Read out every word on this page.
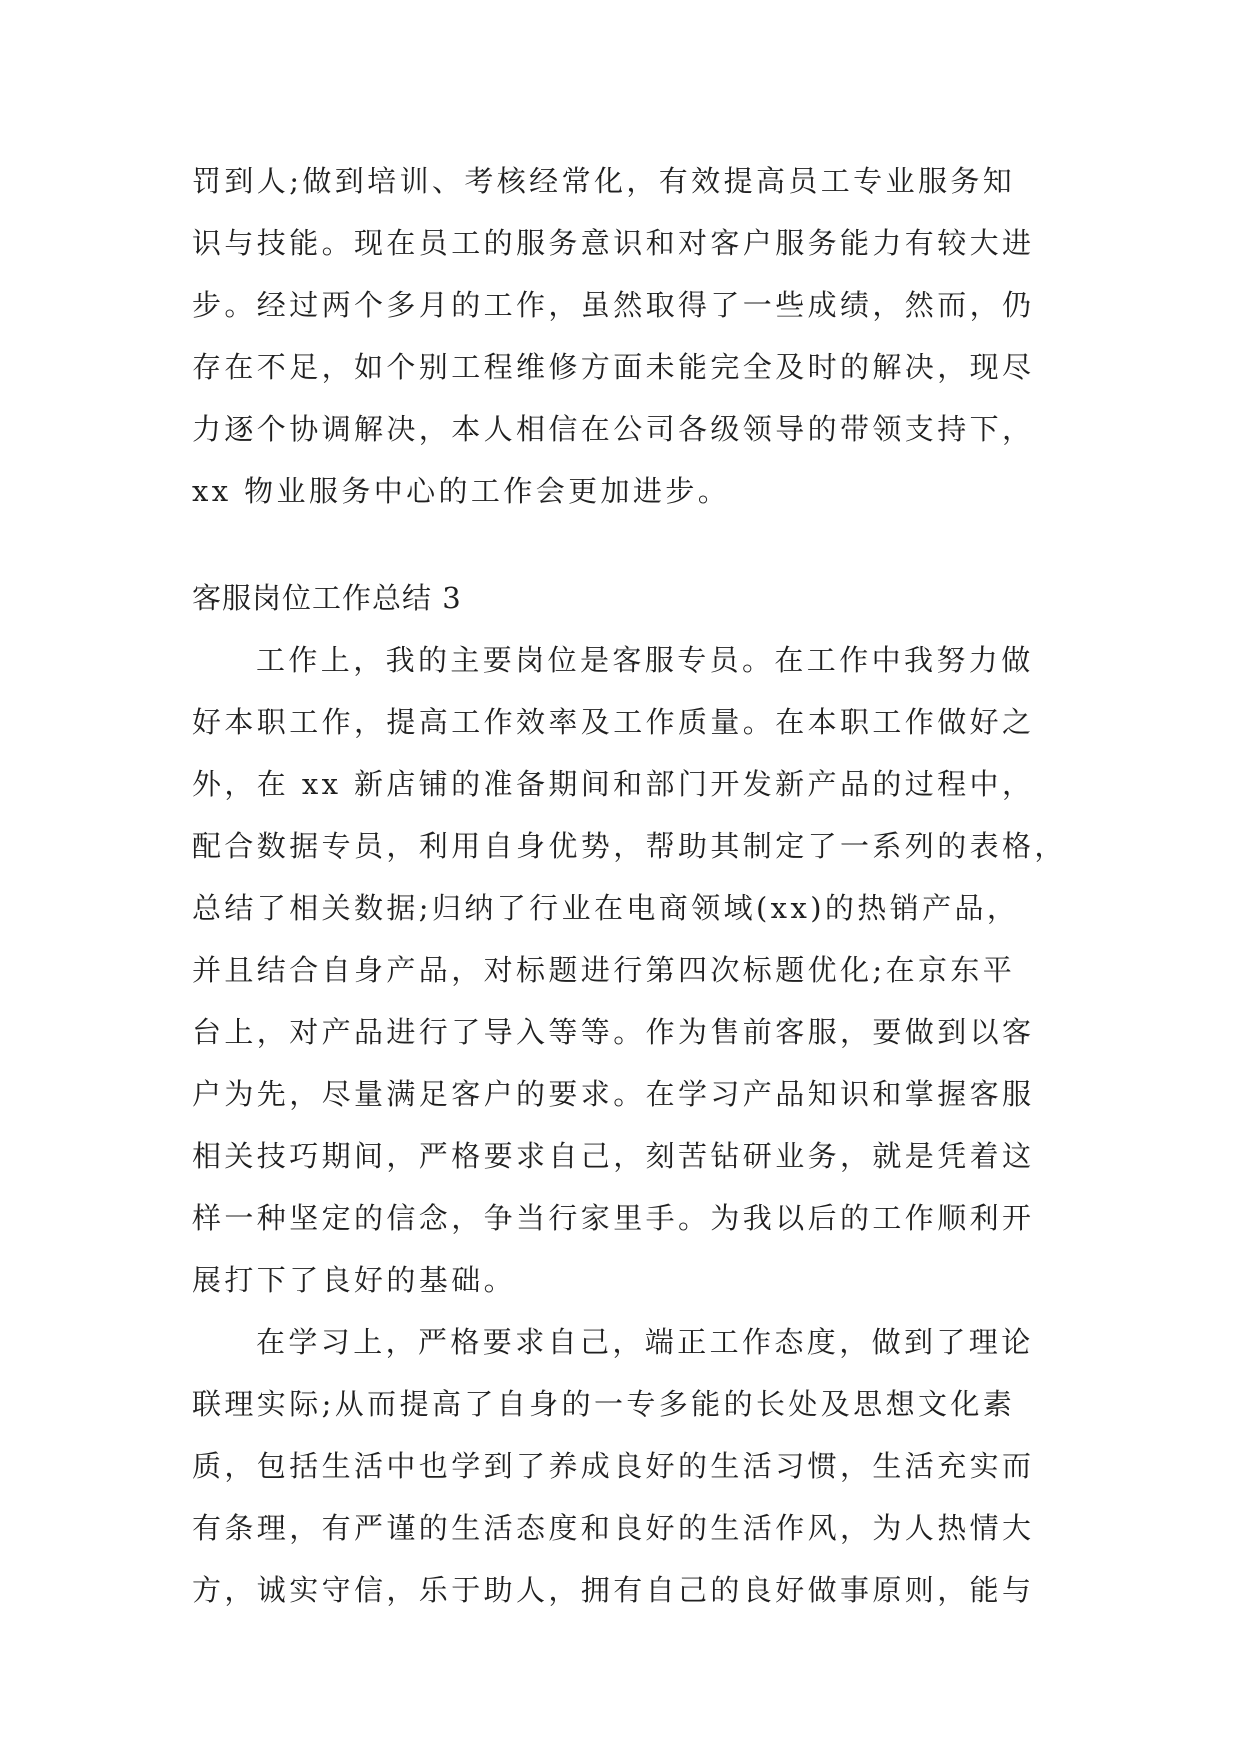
罚到人;做到培训、考核经常化，有效提高员工专业服务知

识与技能。现在员工的服务意识和对客户服务能力有较大进

步。经过两个多月的工作，虽然取得了一些成绩，然而，仍

存在不足，如个别工程维修方面未能完全及时的解决，现尽

力逐个协调解决，本人相信在公司各级领导的带领支持下，

xx 物业服务中心的工作会更加进步。

客服岗位工作总结 3

工作上，我的主要岗位是客服专员。在工作中我努力做

好本职工作，提高工作效率及工作质量。在本职工作做好之

外，在 xx 新店铺的准备期间和部门开发新产品的过程中，

配合数据专员，利用自身优势，帮助其制定了一系列的表格，

总结了相关数据;归纳了行业在电商领域(xx)的热销产品，

并且结合自身产品，对标题进行第四次标题优化;在京东平

台上，对产品进行了导入等等。作为售前客服，要做到以客

户为先，尽量满足客户的要求。在学习产品知识和掌握客服

相关技巧期间，严格要求自己，刻苦钻研业务，就是凭着这

样一种坚定的信念，争当行家里手。为我以后的工作顺利开

展打下了良好的基础。

在学习上，严格要求自己，端正工作态度，做到了理论

联理实际;从而提高了自身的一专多能的长处及思想文化素

质，包括生活中也学到了养成良好的生活习惯，生活充实而

有条理，有严谨的生活态度和良好的生活作风，为人热情大

方，诚实守信，乐于助人，拥有自己的良好做事原则，能与
